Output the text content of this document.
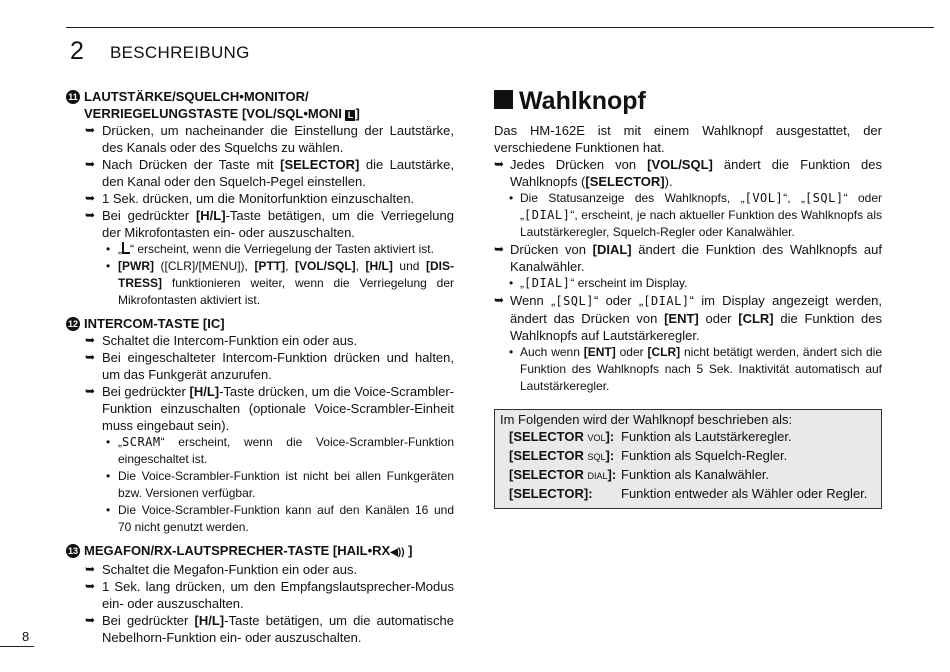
2 BESCHREIBUNG
11 LAUTSTÄRKE/SQUELCH•MONITOR/
VERRIEGELUNGSTASTE [VOL/SQL•MONI L ]
➥ Drücken, um nacheinander die Einstellung der Lautstärke, des Kanals oder des Squelchs zu wählen.
➥ Nach Drücken der Taste mit [SELECTOR] die Lautstärke, den Kanal oder den Squelch-Pegel einstellen.
➥ 1 Sek. drücken, um die Monitorfunktion einzuschalten.
➥ Bei gedrückter [H/L]-Taste betätigen, um die Verriegelung der Mikrofontasten ein- oder auszuschalten.
• „ “ erscheint, wenn die Verriegelung der Tasten aktiviert ist.
• [PWR] ([CLR]/[MENU]), [PTT], [VOL/SQL], [H/L] und [DIS-TRESS] funktionieren weiter, wenn die Verriegelung der Mikrofontasten aktiviert ist.
12 INTERCOM-TASTE [IC]
➥ Schaltet die Intercom-Funktion ein oder aus.
➥ Bei eingeschalteter Intercom-Funktion drücken und halten, um das Funkgerät anzurufen.
➥ Bei gedrückter [H/L]-Taste drücken, um die Voice-Scrambler-Funktion einzuschalten (optionale Voice-Scrambler-Einheit muss eingebaut sein).
• „SCRAM“ erscheint, wenn die Voice-Scrambler-Funktion eingeschaltet ist.
• Die Voice-Scrambler-Funktion ist nicht bei allen Funkgeräten bzw. Versionen verfügbar.
• Die Voice-Scrambler-Funktion kann auf den Kanälen 16 und 70 nicht genutzt werden.
13 MEGAFON/RX-LAUTSPRECHER-TASTE [HAIL•RX◀)) ]
➥ Schaltet die Megafon-Funktion ein oder aus.
➥ 1 Sek. lang drücken, um den Empfangslautsprecher-Modus ein- oder auszuschalten.
➥ Bei gedrückter [H/L]-Taste betätigen, um die automatische Nebelhorn-Funktion ein- oder auszuschalten.
Wahlknopf
Das HM-162E ist mit einem Wahlknopf ausgestattet, der verschiedene Funktionen hat.
➥ Jedes Drücken von [VOL/SQL] ändert die Funktion des Wahlknopfs ([SELECTOR]).
• Die Statusanzeige des Wahlknopfs, „[VOL]“, „[SQL]“ oder „[DIAL]“, erscheint, je nach aktueller Funktion des Wahlknopfs als Lautstärkeregler, Squelch-Regler oder Kanalwähler.
➥ Drücken von [DIAL] ändert die Funktion des Wahlknopfs auf Kanalwähler.
• „[DIAL]“ erscheint im Display.
➥ Wenn „[SQL]“ oder „[DIAL]“ im Display angezeigt werden, ändert das Drücken von [ENT] oder [CLR] die Funktion des Wahlknopfs auf Lautstärkeregler.
• Auch wenn [ENT] oder [CLR] nicht betätigt werden, ändert sich die Funktion des Wahlknopfs nach 5 Sek. Inaktivität automatisch auf Lautstärkeregler.
Im Folgenden wird der Wahlknopf beschrieben als:
[SELECTOR VOL]: Funktion als Lautstärkeregler.
[SELECTOR SQL]: Funktion als Squelch-Regler.
[SELECTOR DIAL]: Funktion als Kanalwähler.
[SELECTOR]:	Funktion entweder als Wähler oder Regler.
8
